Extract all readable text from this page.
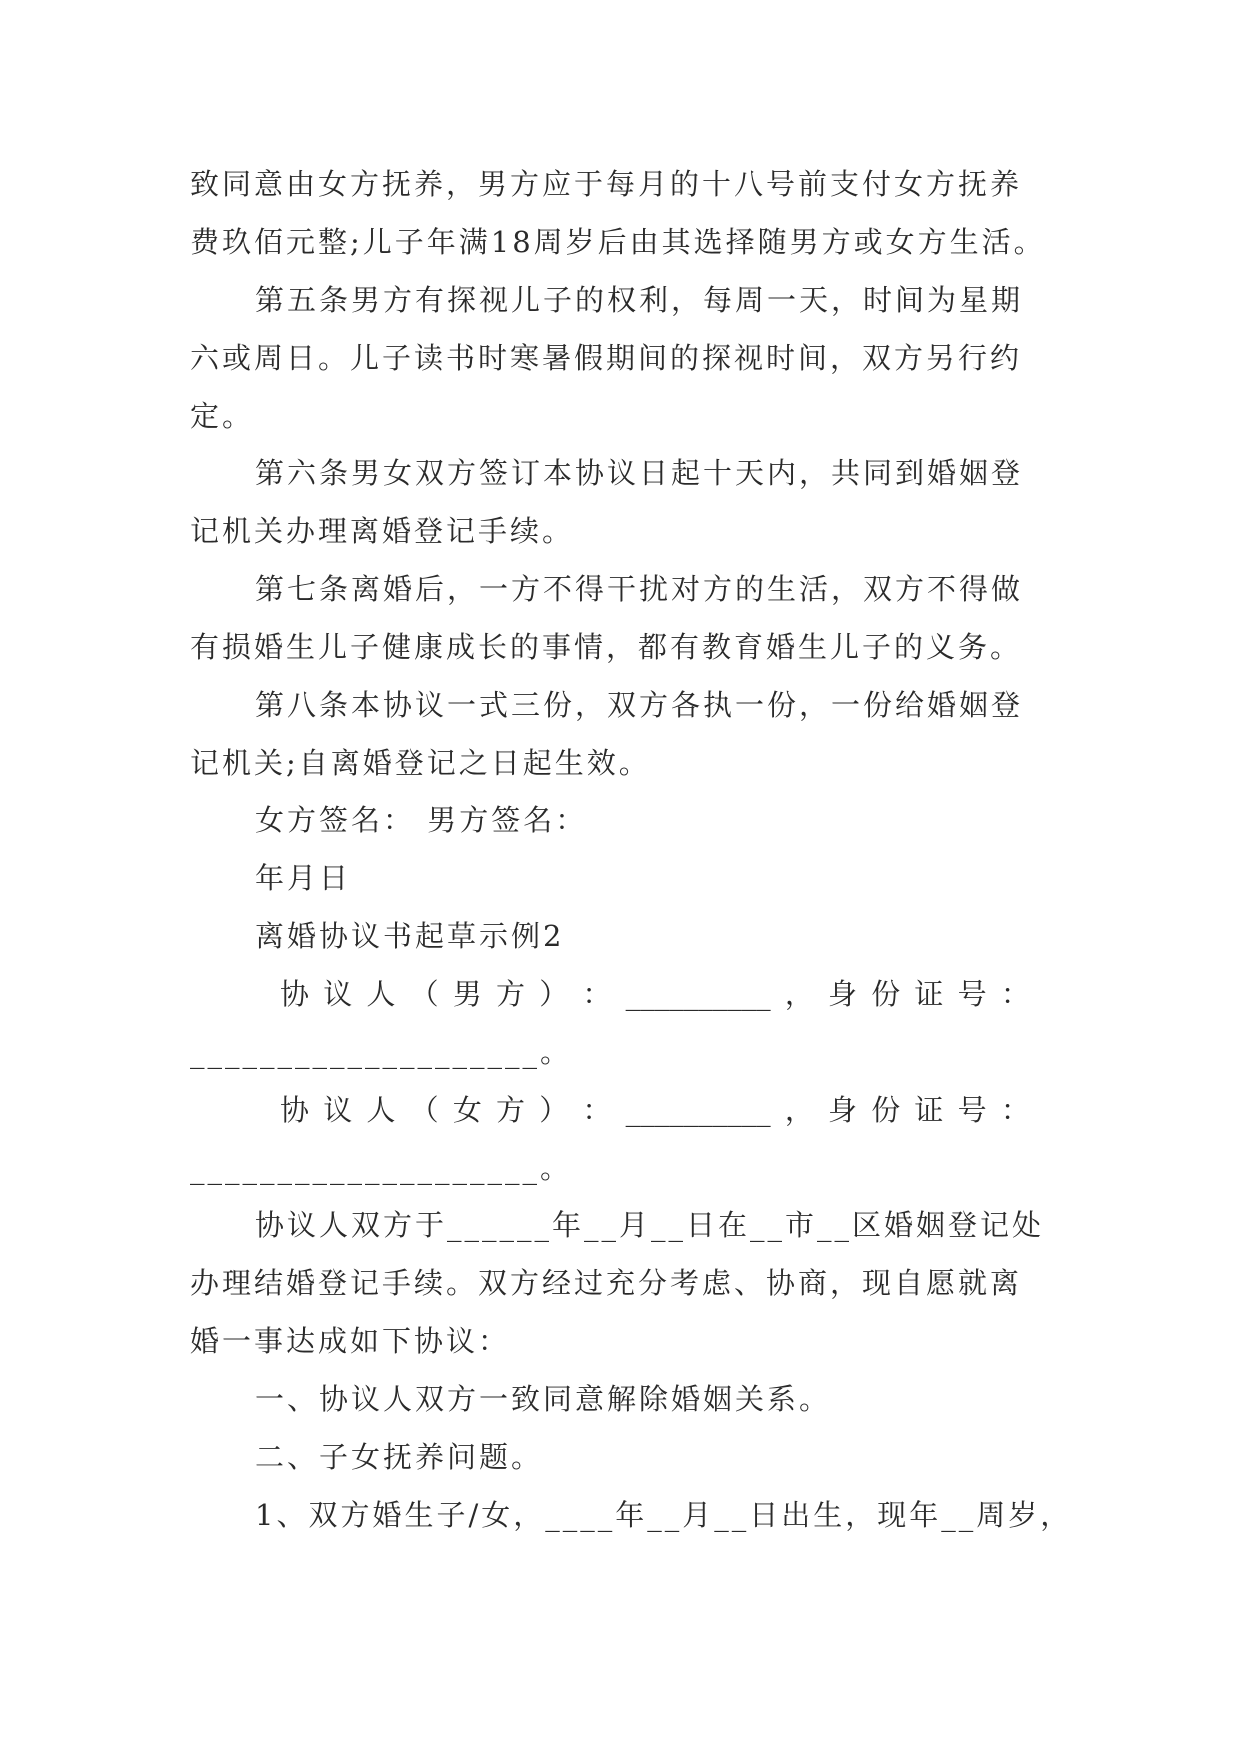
致同意由女方抚养，男方应于每月的十八号前支付女方抚养
费玖佰元整;儿子年满18周岁后由其选择随男方或女方生活。
第五条男方有探视儿子的权利，每周一天，时间为星期
六或周日。儿子读书时寒暑假期间的探视时间，双方另行约
定。
第六条男女双方签订本协议日起十天内，共同到婚姻登
记机关办理离婚登记手续。
第七条离婚后，一方不得干扰对方的生活，双方不得做
有损婚生儿子健康成长的事情，都有教育婚生儿子的义务。
第八条本协议一式三份，双方各执一份，一份给婚姻登
记机关;自离婚登记之日起生效。
女方签名： 男方签名：
年月日
离婚协议书起草示例2
协 议 人 （ 男 方 ） ： __________ ， 身 份 证 号 ：
____________________。
协 议 人 （ 女 方 ） ： __________ ， 身 份 证 号 ：
____________________。
协议人双方于______年__月__日在__市__区婚姻登记处
办理结婚登记手续。双方经过充分考虑、协商，现自愿就离
婚一事达成如下协议：
一、协议人双方一致同意解除婚姻关系。
二、子女抚养问题。
1、双方婚生子/女，____年__月__日出生，现年__周岁，
